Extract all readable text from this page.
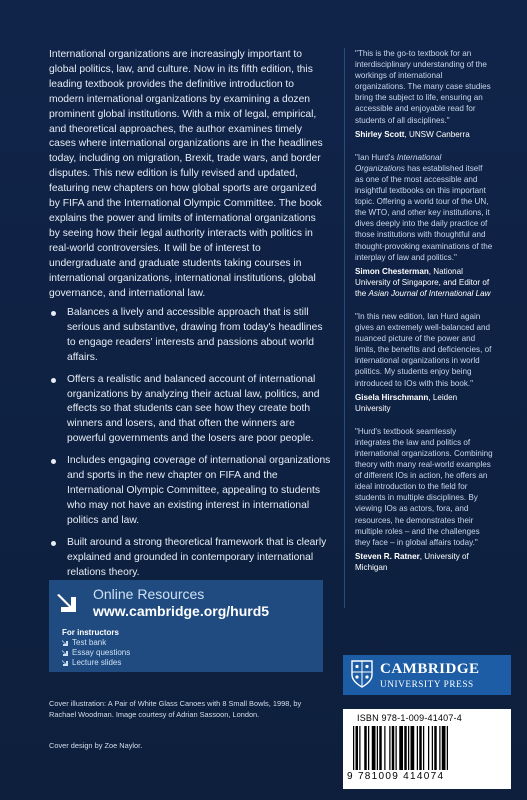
International organizations are increasingly important to global politics, law, and culture. Now in its fifth edition, this leading textbook provides the definitive introduction to modern international organizations by examining a dozen prominent global institutions. With a mix of legal, empirical, and theoretical approaches, the author examines timely cases where international organizations are in the headlines today, including on migration, Brexit, trade wars, and border disputes. This new edition is fully revised and updated, featuring new chapters on how global sports are organized by FIFA and the International Olympic Committee. The book explains the power and limits of international organizations by seeing how their legal authority interacts with politics in real-world controversies. It will be of interest to undergraduate and graduate students taking courses in international organizations, international institutions, global governance, and international law.

Balances a lively and accessible approach that is still serious and substantive, drawing from today's headlines to engage readers' interests and passions about world affairs.
Offers a realistic and balanced account of international organizations by analyzing their actual law, politics, and effects so that students can see how they create both winners and losers, and that often the winners are powerful governments and the losers are poor people.
Includes engaging coverage of international organizations and sports in the new chapter on FIFA and the International Olympic Committee, appealing to students who may not have an existing interest in international politics and law.
Built around a strong theoretical framework that is clearly explained and grounded in contemporary international relations theory.
Online Resources
www.cambridge.org/hurd5
For instructors
Test bank
Essay questions
Lecture slides

Cover illustration: A Pair of White Glass Canoes with 8 Small Bowls, 1998, by Rachael Woodman. Image courtesy of Adrian Sassoon, London.

Cover design by Zoe Naylor.

"This is the go-to textbook for an interdisciplinary understanding of the workings of international organizations. The many case studies bring the subject to life, ensuring an accessible and enjoyable read for students of all disciplines."

Shirley Scott, UNSW Canberra

"Ian Hurd's International Organizations has established itself as one of the most accessible and insightful textbooks on this important topic. Offering a world tour of the UN, the WTO, and other key institutions, it dives deeply into the daily practice of those institutions with thoughtful and thought-provoking examinations of the interplay of law and politics."

Simon Chesterman, National University of Singapore, and Editor of the Asian Journal of International Law

"In this new edition, Ian Hurd again gives an extremely well-balanced and nuanced picture of the power and limits, the benefits and deficiencies, of international organizations in world politics. My students enjoy being introduced to IOs with this book."

Gisela Hirschmann, Leiden University

"Hurd's textbook seamlessly integrates the law and politics of international organizations. Combining theory with many real-world examples of different IOs in action, he offers an ideal introduction to the field for students in multiple disciplines. By viewing IOs as actors, fora, and resources, he demonstrates their multiple roles – and the challenges they face – in global affairs today."

Steven R. Ratner, University of Michigan

CAMBRIDGE
UNIVERSITY PRESS
ISBN 978-1-009-41407-4
9 781009 414074
